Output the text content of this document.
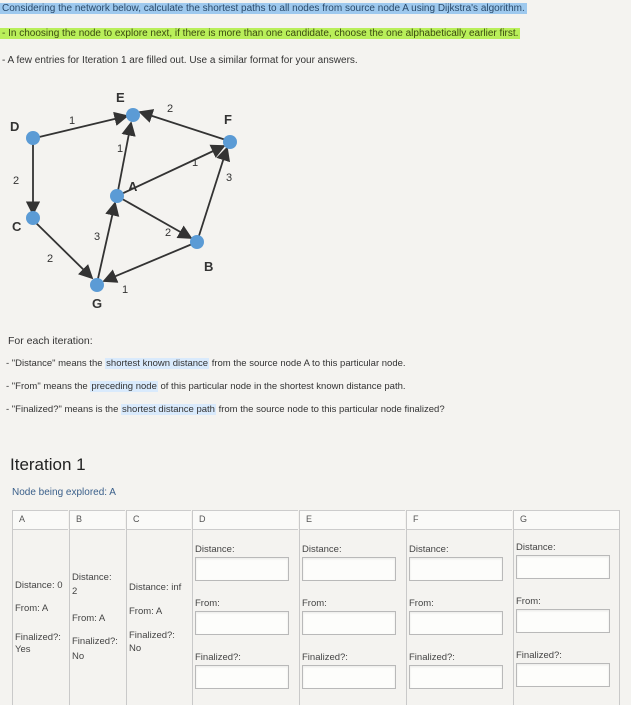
Considering the network below, calculate the shortest paths to all nodes from source node A using Dijkstra's algorithm.
- In choosing the node to explore next, if there is more than one candidate, choose the one alphabetically earlier first.
- A few entries for Iteration 1 are filled out. Use a similar format for your answers.
D
E
F
A
C
B
G
1
2
1
1
3
2
2
3	2
1
For each iteration:
- "Distance" means the shortest known distance from the source node A to this particular node.
- "From" means the preceding node of this particular node in the shortest known distance path.
- "Finalized?" means is the shortest distance path from the source node to this particular node finalized?
Iteration 1
Node being explored: A
A
Distance: 0
From: A
Finalized?:
Yes
B
Distance:
2
From: A
Finalized?:
No
C
Distance: inf
From: A
Finalized?:
No
D
Distance:
From:
Finalized?:
E
Distance:
From:
Finalized?:
F
Distance:
From:
Finalized?:
G
Distance:
From:
Finalized?:
